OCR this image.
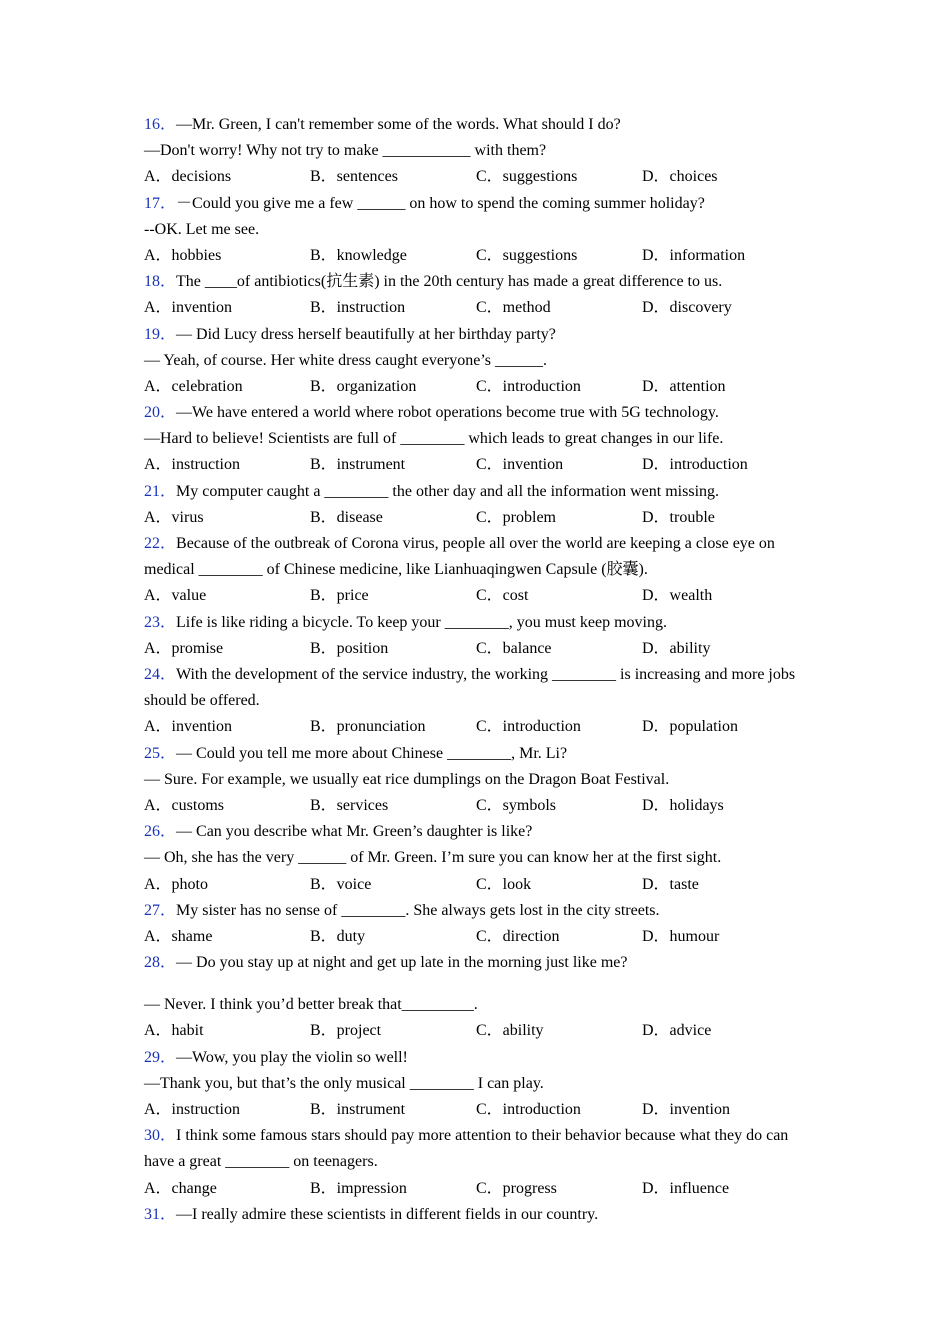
16．—Mr. Green, I can't remember some of the words. What should I do?
—Don't worry! Why not try to make ___________ with them?
A．decisions	B．sentences	C．suggestions	D．choices
17．－Could you give me a few ______ on how to spend the coming summer holiday?
--OK. Let me see.
A．hobbies	B．knowledge	C．suggestions	D．information
18．The ____of antibiotics(抗生素) in the 20th century has made a great difference to us.
A．invention	B．instruction	C．method	D．discovery
19．— Did Lucy dress herself beautifully at her birthday party?
— Yeah, of course. Her white dress caught everyone’s ______.
A．celebration	B．organization	C．introduction	D．attention
20．—We have entered a world where robot operations become true with 5G technology.
—Hard to believe! Scientists are full of ________ which leads to great changes in our life.
A．instruction	B．instrument	C．invention	D．introduction
21．My computer caught a ________ the other day and all the information went missing.
A．virus	B．disease	C．problem	D．trouble
22．Because of the outbreak of Corona virus, people all over the world are keeping a close eye on medical ________ of Chinese medicine, like Lianhuaqingwen Capsule (胶囊).
A．value	B．price	C．cost	D．wealth
23．Life is like riding a bicycle. To keep your ________, you must keep moving.
A．promise	B．position	C．balance	D．ability
24．With the development of the service industry, the working ________ is increasing and more jobs should be offered.
A．invention	B．pronunciation	C．introduction	D．population
25．— Could you tell me more about Chinese ________, Mr. Li?
— Sure. For example, we usually eat rice dumplings on the Dragon Boat Festival.
A．customs	B．services	C．symbols	D．holidays
26．— Can you describe what Mr. Green’s daughter is like?
— Oh, she has the very ______ of Mr. Green. I’m sure you can know her at the first sight.
A．photo	B．voice	C．look	D．taste
27．My sister has no sense of ________. She always gets lost in the city streets.
A．shame	B．duty	C．direction	D．humour
28．— Do you stay up at night and get up late in the morning just like me?
— Never. I think you’d better break that_________.
A．habit	B．project	C．ability	D．advice
29．—Wow, you play the violin so well!
—Thank you, but that’s the only musical ________ I can play.
A．instruction	B．instrument	C．introduction	D．invention
30．I think some famous stars should pay more attention to their behavior because what they do can have a great ________ on teenagers.
A．change	B．impression	C．progress	D．influence
31．—I really admire these scientists in different fields in our country.
